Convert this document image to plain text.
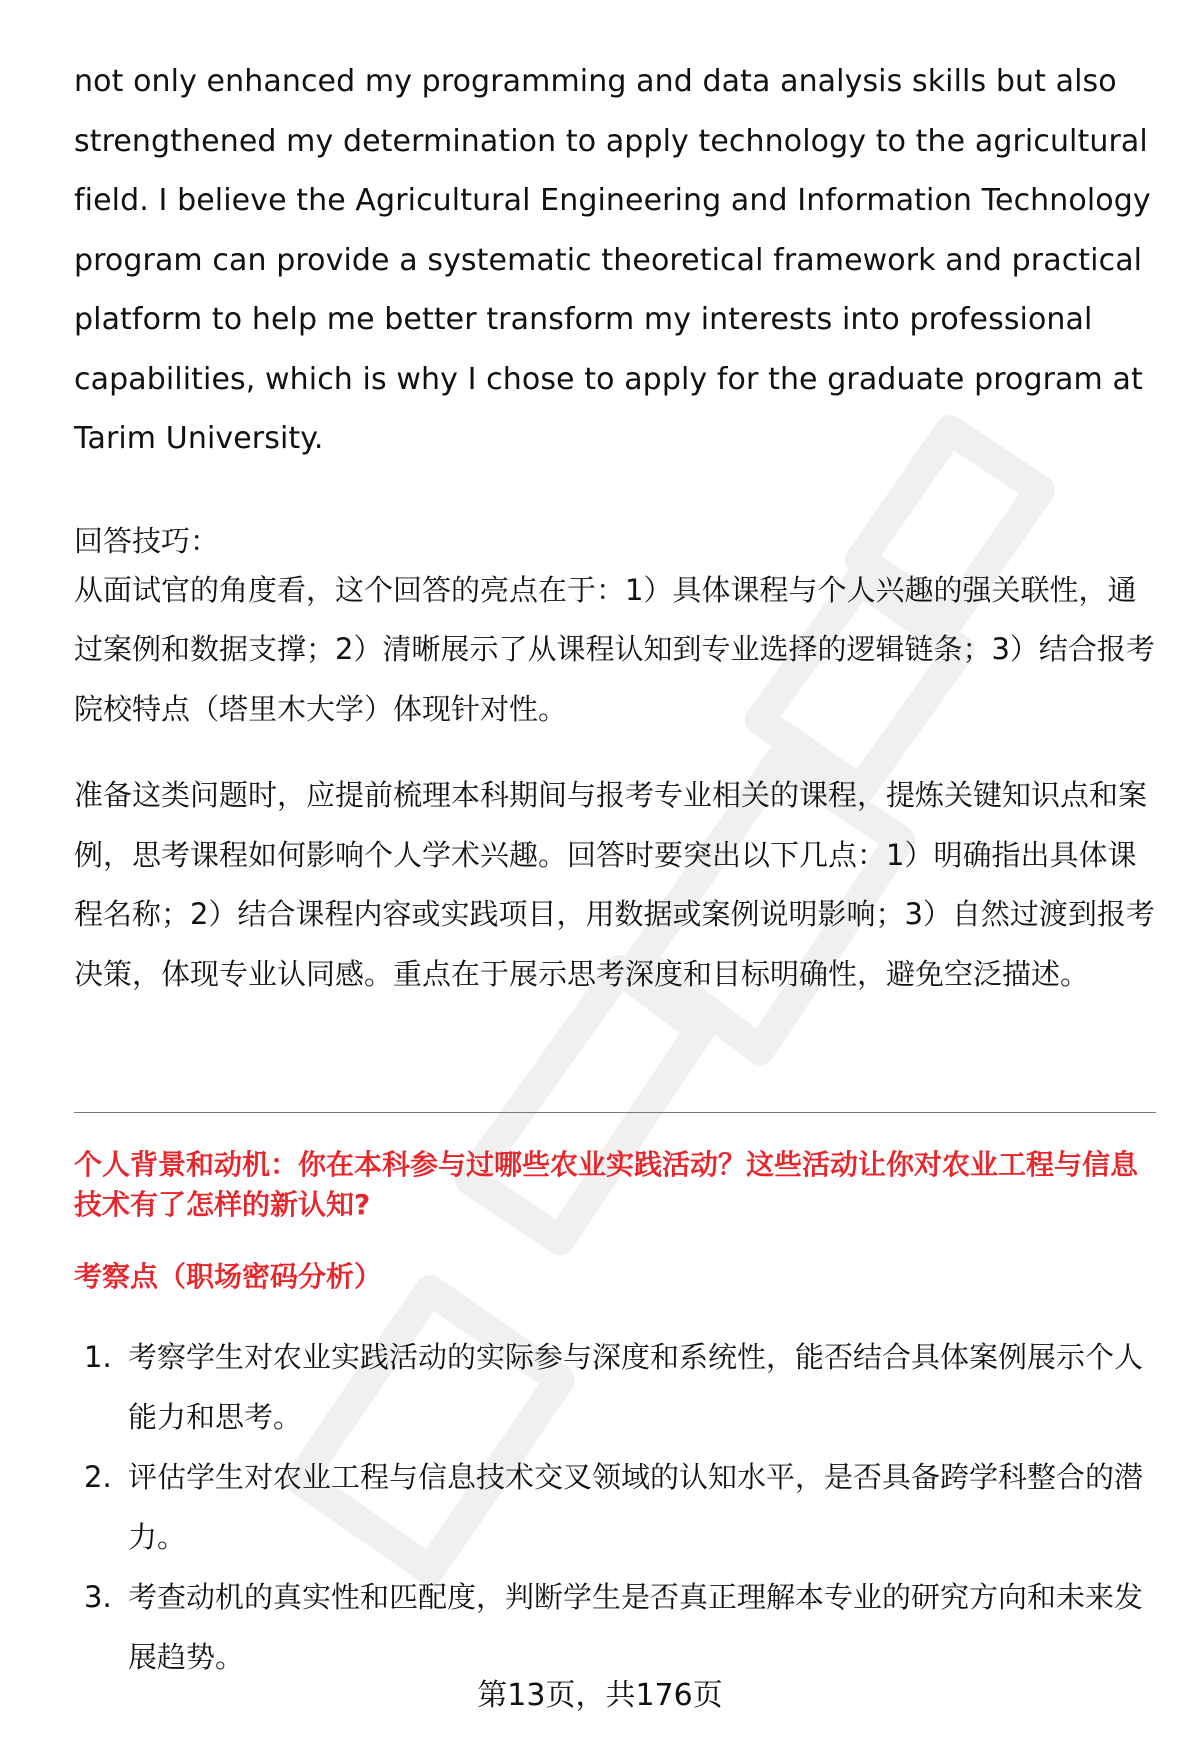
not only enhanced my programming and data analysis skills but also strengthened my determination to apply technology to the agricultural field. I believe the Agricultural Engineering and Information Technology program can provide a systematic theoretical framework and practical platform to help me better transform my interests into professional capabilities, which is why I chose to apply for the graduate program at Tarim University.

回答技巧：

从面试官的角度看，这个回答的亮点在于：1）具体课程与个人兴趣的强关联性，通过案例和数据支撑；2）清晰展示了从课程认知到专业选择的逻辑链条；3）结合报考院校特点（塔里木大学）体现针对性。

准备这类问题时，应提前梳理本科期间与报考专业相关的课程，提炼关键知识点和案例，思考课程如何影响个人学术兴趣。回答时要突出以下几点：1）明确指出具体课程名称；2）结合课程内容或实践项目，用数据或案例说明影响；3）自然过渡到报考决策，体现专业认同感。重点在于展示思考深度和目标明确性，避免空泛描述。

个人背景和动机：你在本科参与过哪些农业实践活动？这些活动让你对农业工程与信息技术有了怎样的新认知?

考察点（职场密码分析）

1. 考察学生对农业实践活动的实际参与深度和系统性，能否结合具体案例展示个人能力和思考。
2. 评估学生对农业工程与信息技术交叉领域的认知水平，是否具备跨学科整合的潜力。
3. 考查动机的真实性和匹配度，判断学生是否真正理解本专业的研究方向和未来发展趋势。
第13页，共176页
